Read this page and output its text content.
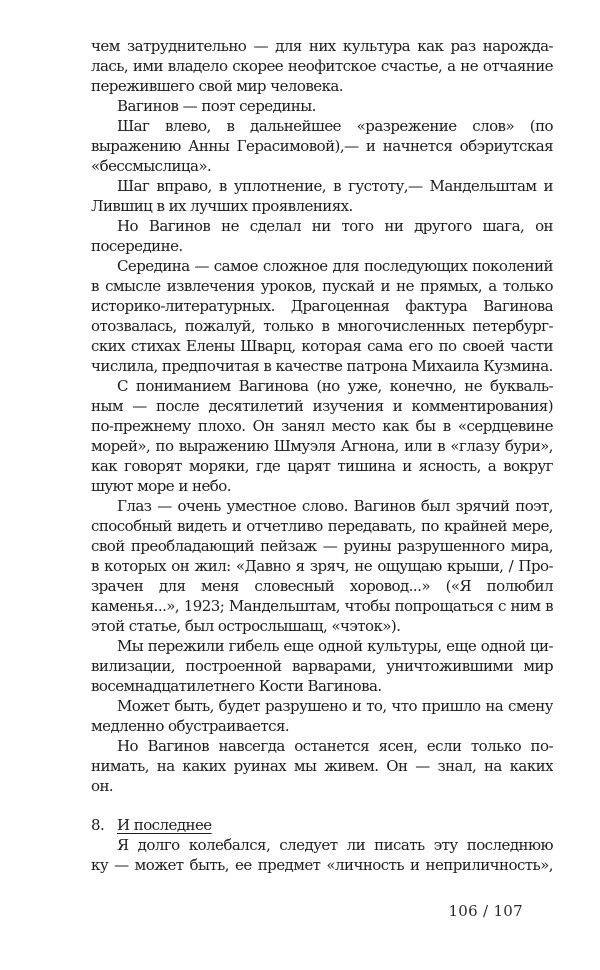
чем затруднительно — для них культура как раз нарожда-
лась, ими владело скорее неофитское счастье, а не отчаяние
пережившего свой мир человека.
Вагинов — поэт середины.
Шаг влево, в дальнейшее «разрежение слов» (по
выражению Анны Герасимовой),— и начнется обэриутская
«бессмыслица».
Шаг вправо, в уплотнение, в густоту,— Мандельштам и
Лившиц в их лучших проявлениях.
Но Вагинов не сделал ни того ни другого шага, он
посередине.
Середина — самое сложное для последующих поколений
в смысле извлечения уроков, пускай и не прямых, а только
историко-литературных. Драгоценная фактура Вагинова
отозвалась, пожалуй, только в многочисленных петербург-
ских стихах Елены Шварц, которая сама его по своей части
числила, предпочитая в качестве патрона Михаила Кузмина.
С пониманием Вагинова (но уже, конечно, не букваль-
ным — после десятилетий изучения и комментирования)
по-прежнему плохо. Он занял место как бы в «сердцевине
морей», по выражению Шмуэля Агнона, или в «глазу бури»,
как говорят моряки, где царят тишина и ясность, а вокруг
шуют море и небо.
Глаз — очень уместное слово. Вагинов был зрячий поэт,
способный видеть и отчетливо передавать, по крайней мере,
свой преобладающий пейзаж — руины разрушенного мира,
в которых он жил: «Давно я зряч, не ощущаю крыши, / Про-
зрачен для меня словесный хоровод...» («Я полюбил
каменья...», 1923; Мандельштам, чтобы попрощаться с ним в
этой статье, был острослышащ, «чэток»).
Мы пережили гибель еще одной культуры, еще одной ци-
вилизации, построенной варварами, уничтожившими мир
восемнадцатилетнего Кости Вагинова.
Может быть, будет разрушено и то, что пришло на смену
медленно обустраивается.
Но Вагинов навсегда останется ясен, если только по-
нимать, на каких руинах мы живем. Он — знал, на каких
он.
8. И последнее
Я долго колебался, следует ли писать эту последнюю
ку — может быть, ее предмет «личность и неприличность»,
106 / 107
